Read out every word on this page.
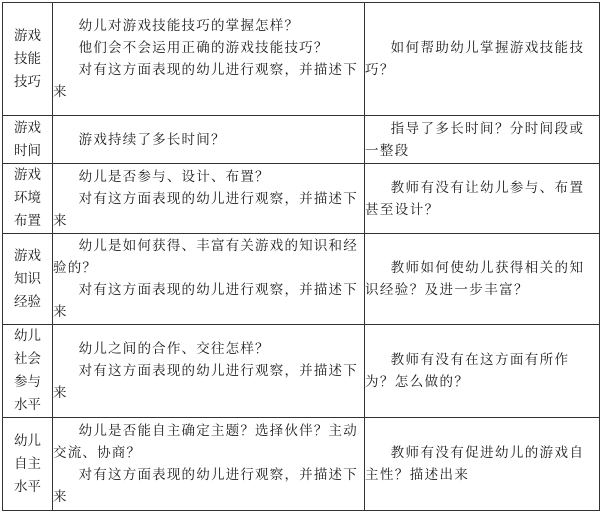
游戏
技能
技巧	幼儿对游戏技能技巧的掌握怎样？
他们会不会运用正确的游戏技能技巧？
对有这方面表现的幼儿进行观察，并描述下来	如何帮助幼儿掌握游戏技能技巧？

游戏
时间	游戏持续了多长时间？	指导了多长时间？分时间段或一整段

游戏
环境
布置	幼儿是否参与、设计、布置？
对有这方面表现的幼儿进行观察，并描述下来	教师有没有让幼儿参与、布置甚至设计？

游戏
知识
经验	幼儿是如何获得、丰富有关游戏的知识和经验的？
对有这方面表现的幼儿进行观察，并描述下来	教师如何使幼儿获得相关的知识经验？及进一步丰富？

幼儿
社会
参与
水平	幼儿之间的合作、交往怎样？
对有这方面表现的幼儿进行观察，并描述下来	教师有没有在这方面有所作为？怎么做的？

幼儿
自主
水平	幼儿是否能自主确定主题？选择伙伴？主动交流、协商？
对有这方面表现的幼儿进行观察，并描述下来	教师有没有促进幼儿的游戏自主性？描述出来
